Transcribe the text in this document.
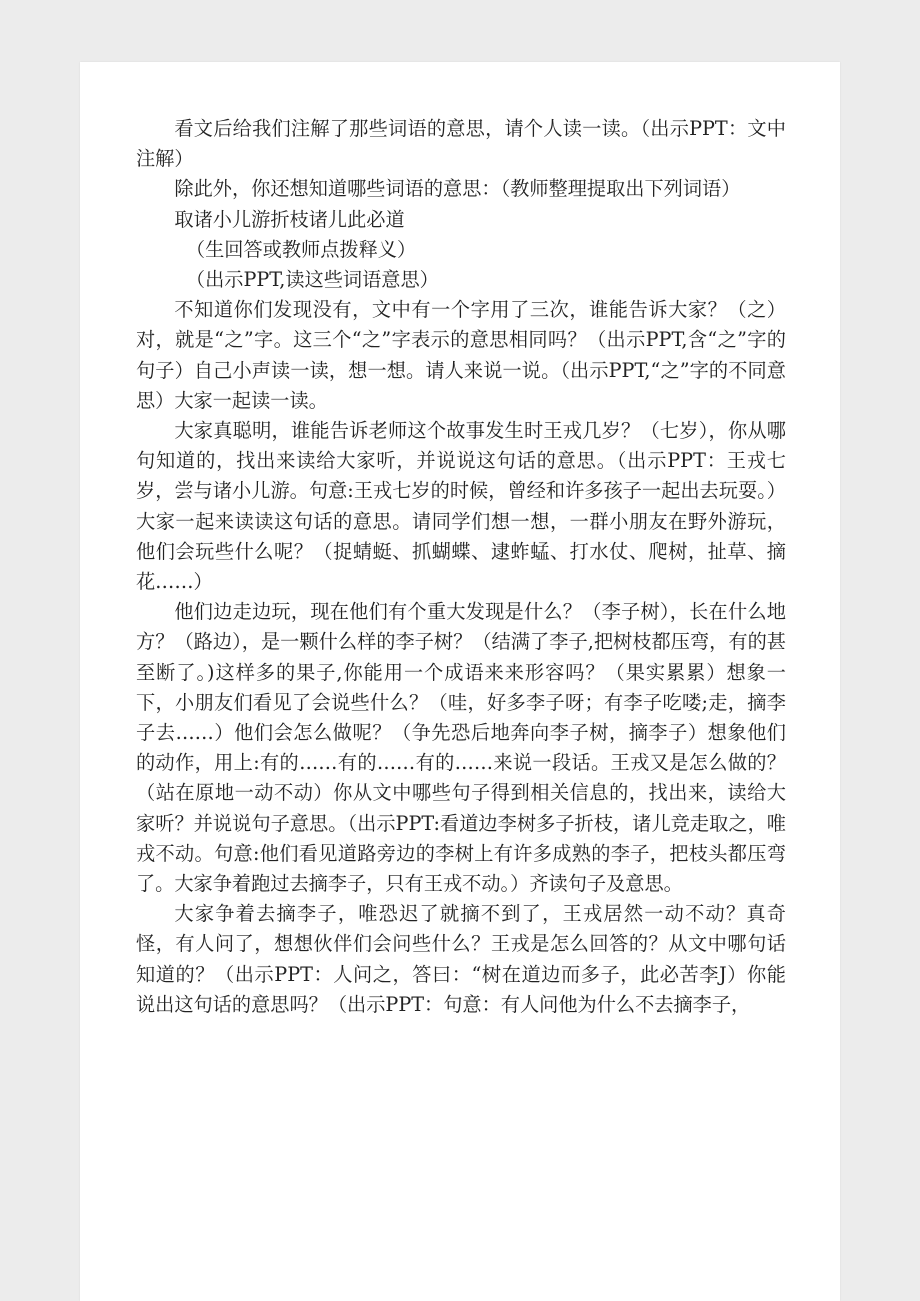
看文后给我们注解了那些词语的意思，请个人读一读。（出示PPT：文中注解）

除此外，你还想知道哪些词语的意思：（教师整理提取出下列词语）

取诸小儿游折枝诸儿此必道

（生回答或教师点拨释义）

（出示PPT,读这些词语意思）

不知道你们发现没有，文中有一个字用了三次，谁能告诉大家？（之）对，就是“之”字。这三个“之”字表示的意思相同吗？（出示PPT,含“之”字的句子）自己小声读一读，想一想。请人来说一说。（出示PPT,“之”字的不同意思）大家一起读一读。

大家真聪明，谁能告诉老师这个故事发生时王戎几岁？（七岁），你从哪句知道的，找出来读给大家听，并说说这句话的意思。（出示PPT：王戎七岁，尝与诸小儿游。句意:王戎七岁的时候，曾经和许多孩子一起出去玩耍。）大家一起来读读这句话的意思。请同学们想一想，一群小朋友在野外游玩，他们会玩些什么呢？（捉蜻蜓、抓蝴蝶、逮蚱蜢、打水仗、爬树，扯草、摘花……）

他们边走边玩，现在他们有个重大发现是什么？（李子树），长在什么地方？（路边），是一颗什么样的李子树？（结满了李子,把树枝都压弯，有的甚至断了。)这样多的果子,你能用一个成语来来形容吗？（果实累累）想象一下，小朋友们看见了会说些什么？（哇，好多李子呀；有李子吃喽;走，摘李子去……）他们会怎么做呢？（争先恐后地奔向李子树，摘李子）想象他们的动作，用上:有的……有的……有的……来说一段话。王戎又是怎么做的？（站在原地一动不动）你从文中哪些句子得到相关信息的，找出来，读给大家听？并说说句子意思。（出示PPT:看道边李树多子折枝，诸儿竞走取之，唯戎不动。句意:他们看见道路旁边的李树上有许多成熟的李子，把枝头都压弯了。大家争着跑过去摘李子，只有王戎不动。）齐读句子及意思。

大家争着去摘李子，唯恐迟了就摘不到了，王戎居然一动不动？真奇怪，有人问了，想想伙伴们会问些什么？王戎是怎么回答的？从文中哪句话知道的？（出示PPT：人问之，答曰：“树在道边而多子，此必苦李J）你能说出这句话的意思吗？（出示PPT：句意：有人问他为什么不去摘李子，
